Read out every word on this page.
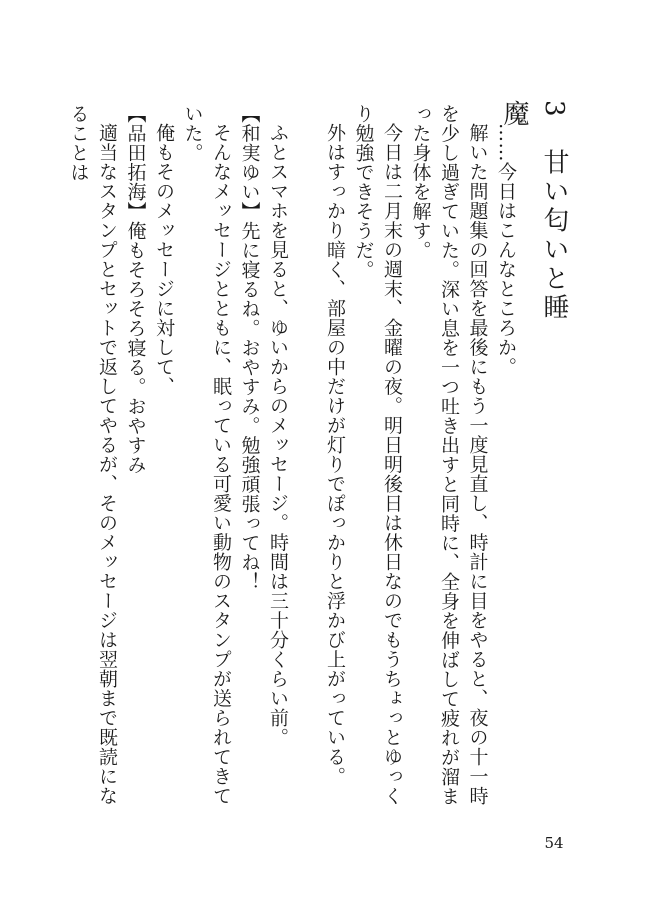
3　甘い匂いと睡魔

……今日はこんなところか。

解いた問題集の回答を最後にもう一度見直し、時計に目をやると、夜の十一時を少し過ぎていた。深い息を一つ吐き出すと同時に、全身を伸ばして疲れが溜まった身体を解す。

今日は二月末の週末、金曜の夜。明日明後日は休日なのでもうちょっとゆっくり勉強できそうだ。

外はすっかり暗く、部屋の中だけが灯りでぽっかりと浮かび上がっている。

ふとスマホを見ると、ゆいからのメッセージ。時間は三十分くらい前。

【和実ゆい】先に寝るね。おやすみ。勉強頑張ってね！

そんなメッセージとともに、眠っている可愛い動物のスタンプが送られてきていた。

俺もそのメッセージに対して、

【品田拓海】俺もそろそろ寝る。おやすみ

適当なスタンプとセットで返してやるが、そのメッセージは翌朝まで既読になることは

54
